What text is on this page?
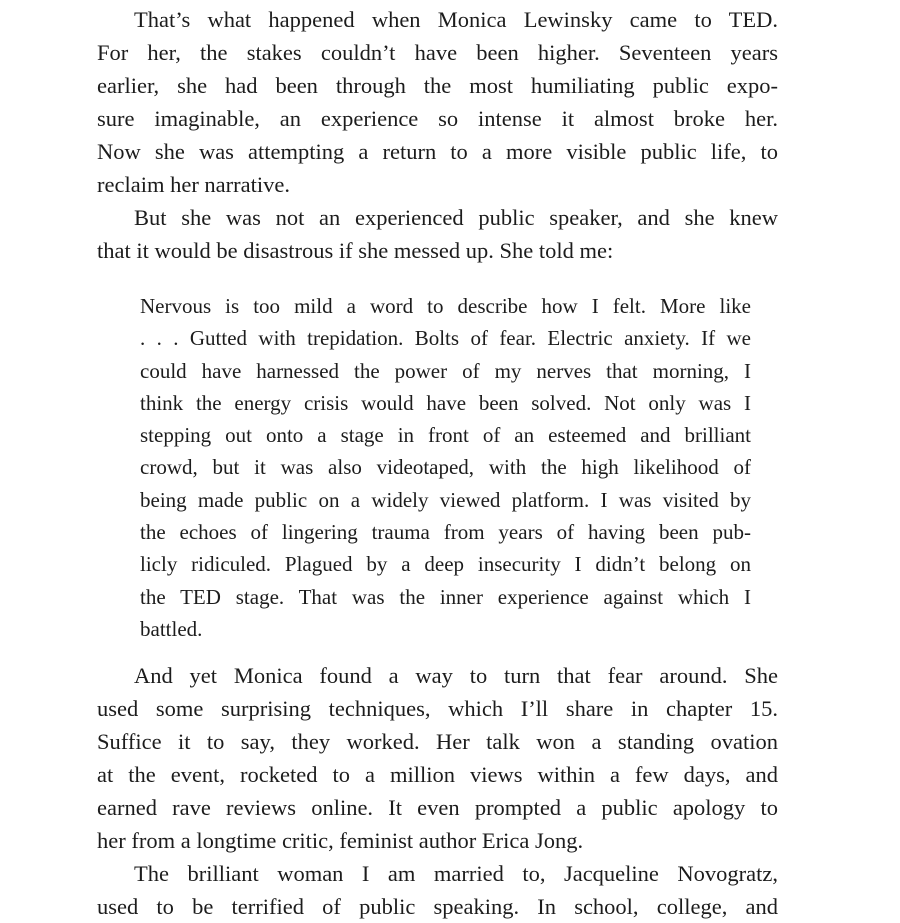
That’s what happened when Monica Lewinsky came to TED.
For her, the stakes couldn’t have been higher. Seventeen years
earlier, she had been through the most humiliating public expo-
sure imaginable, an experience so intense it almost broke her.
Now she was attempting a return to a more visible public life, to
reclaim her narrative.
But she was not an experienced public speaker, and she knew
that it would be disastrous if she messed up. She told me:
Nervous is too mild a word to describe how I felt. More like
. . . Gutted with trepidation. Bolts of fear. Electric anxiety. If we
could have harnessed the power of my nerves that morning, I
think the energy crisis would have been solved. Not only was I
stepping out onto a stage in front of an esteemed and brilliant
crowd, but it was also videotaped, with the high likelihood of
being made public on a widely viewed platform. I was visited by
the echoes of lingering trauma from years of having been pub-
licly ridiculed. Plagued by a deep insecurity I didn’t belong on
the TED stage. That was the inner experience against which I
battled.
And yet Monica found a way to turn that fear around. She
used some surprising techniques, which I’ll share in chapter 15.
Suffice it to say, they worked. Her talk won a standing ovation
at the event, rocketed to a million views within a few days, and
earned rave reviews online. It even prompted a public apology to
her from a longtime critic, feminist author Erica Jong.
The brilliant woman I am married to, Jacqueline Novogratz,
used to be terrified of public speaking. In school, college, and
